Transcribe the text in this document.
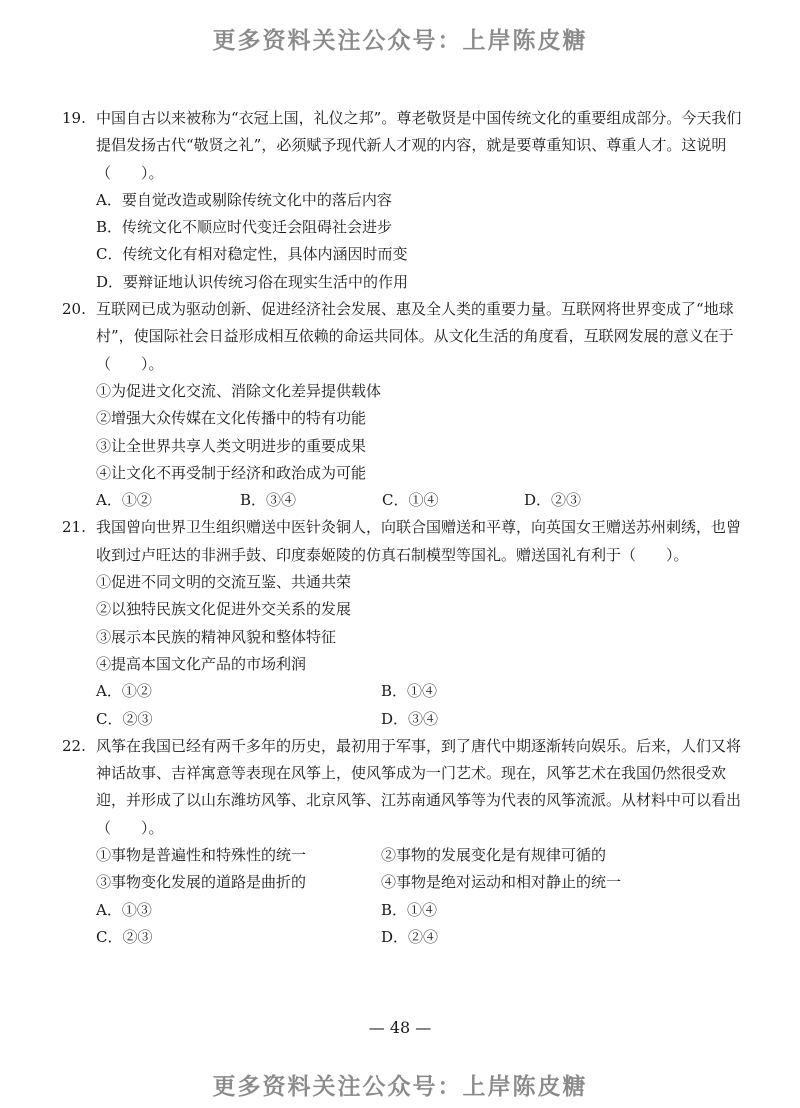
更多资料关注公众号：上岸陈皮糖
19. 中国自古以来被称为“衣冠上国，礼仪之邦”。尊老敬贤是中国传统文化的重要组成部分。今天我们提倡发扬古代“敬贤之礼”，必须赋予现代新人才观的内容，就是要尊重知识、尊重人才。这说明（　　）。
A．要自觉改造或剔除传统文化中的落后内容
B．传统文化不顺应时代变迁会阻碍社会进步
C．传统文化有相对稳定性，具体内涵因时而变
D．要辩证地认识传统习俗在现实生活中的作用
20. 互联网已成为驱动创新、促进经济社会发展、惠及全人类的重要力量。互联网将世界变成了“地球村”，使国际社会日益形成相互依赖的命运共同体。从文化生活的角度看，互联网发展的意义在于（　　）。
①为促进文化交流、消除文化差异提供载体
②增强大众传媒在文化传播中的特有功能
③让全世界共享人类文明进步的重要成果
④让文化不再受制于经济和政治成为可能
A．①②	B．③④	C．①④	D．②③
21. 我国曾向世界卫生组织赠送中医针灸铜人，向联合国赠送和平尊，向英国女王赠送苏州刺绣，也曾收到过卢旺达的非洲手鼓、印度泰姬陵的仿真石制模型等国礼。赠送国礼有利于（　　）。
①促进不同文明的交流互鉴、共通共荣
②以独特民族文化促进外交关系的发展
③展示本民族的精神风貌和整体特征
④提高本国文化产品的市场利润
A．①②	B．①④
C．②③	D．③④
22. 风筝在我国已经有两千多年的历史，最初用于军事，到了唐代中期逐渐转向娱乐。后来，人们又将神话故事、吉祥寓意等表现在风筝上，使风筝成为一门艺术。现在，风筝艺术在我国仍然很受欢迎，并形成了以山东潍坊风筝、北京风筝、江苏南通风筝等为代表的风筝流派。从材料中可以看出（　　）。
①事物是普遍性和特殊性的统一	②事物的发展变化是有规律可循的
③事物变化发展的道路是曲折的	④事物是绝对运动和相对静止的统一
A．①③	B．①④
C．②③	D．②④
— 48 —
更多资料关注公众号：上岸陈皮糖
